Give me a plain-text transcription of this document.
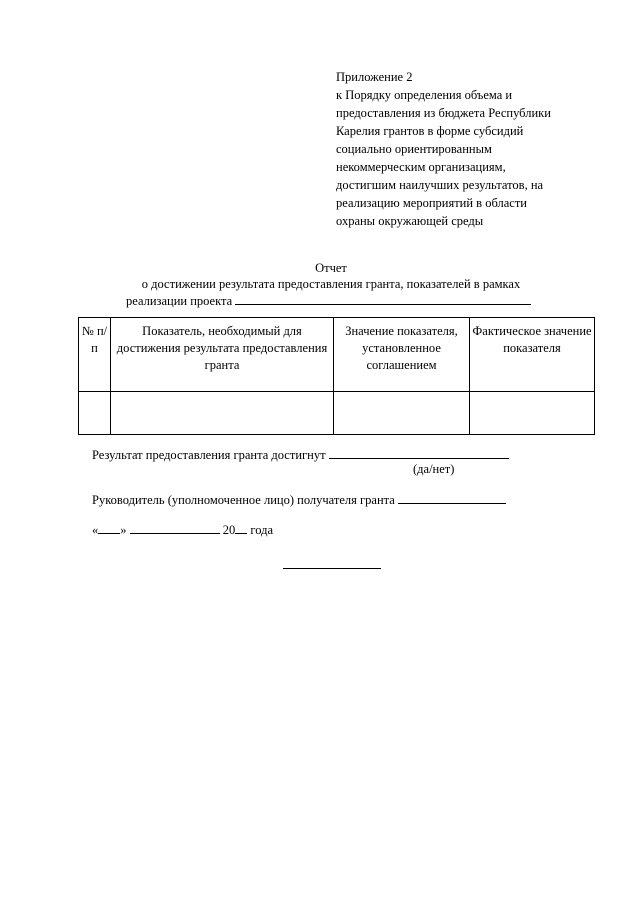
Приложение 2
к Порядку определения объема и
предоставления из бюджета Республики
Карелия грантов в форме субсидий
социально ориентированным
некоммерческим организациям,
достигшим наилучших результатов, на
реализацию мероприятий в области
охраны окружающей среды
Отчет
о достижении результата предоставления гранта, показателей в рамках
реализации проекта
№ п/п	Показатель, необходимый для достижения результата предоставления гранта	Значение показателя, установленное соглашением	Фактическое значение показателя

Результат предоставления гранта достигнут
(да/нет)
Руководитель (уполномоченное лицо) получателя гранта
« »	20 года
